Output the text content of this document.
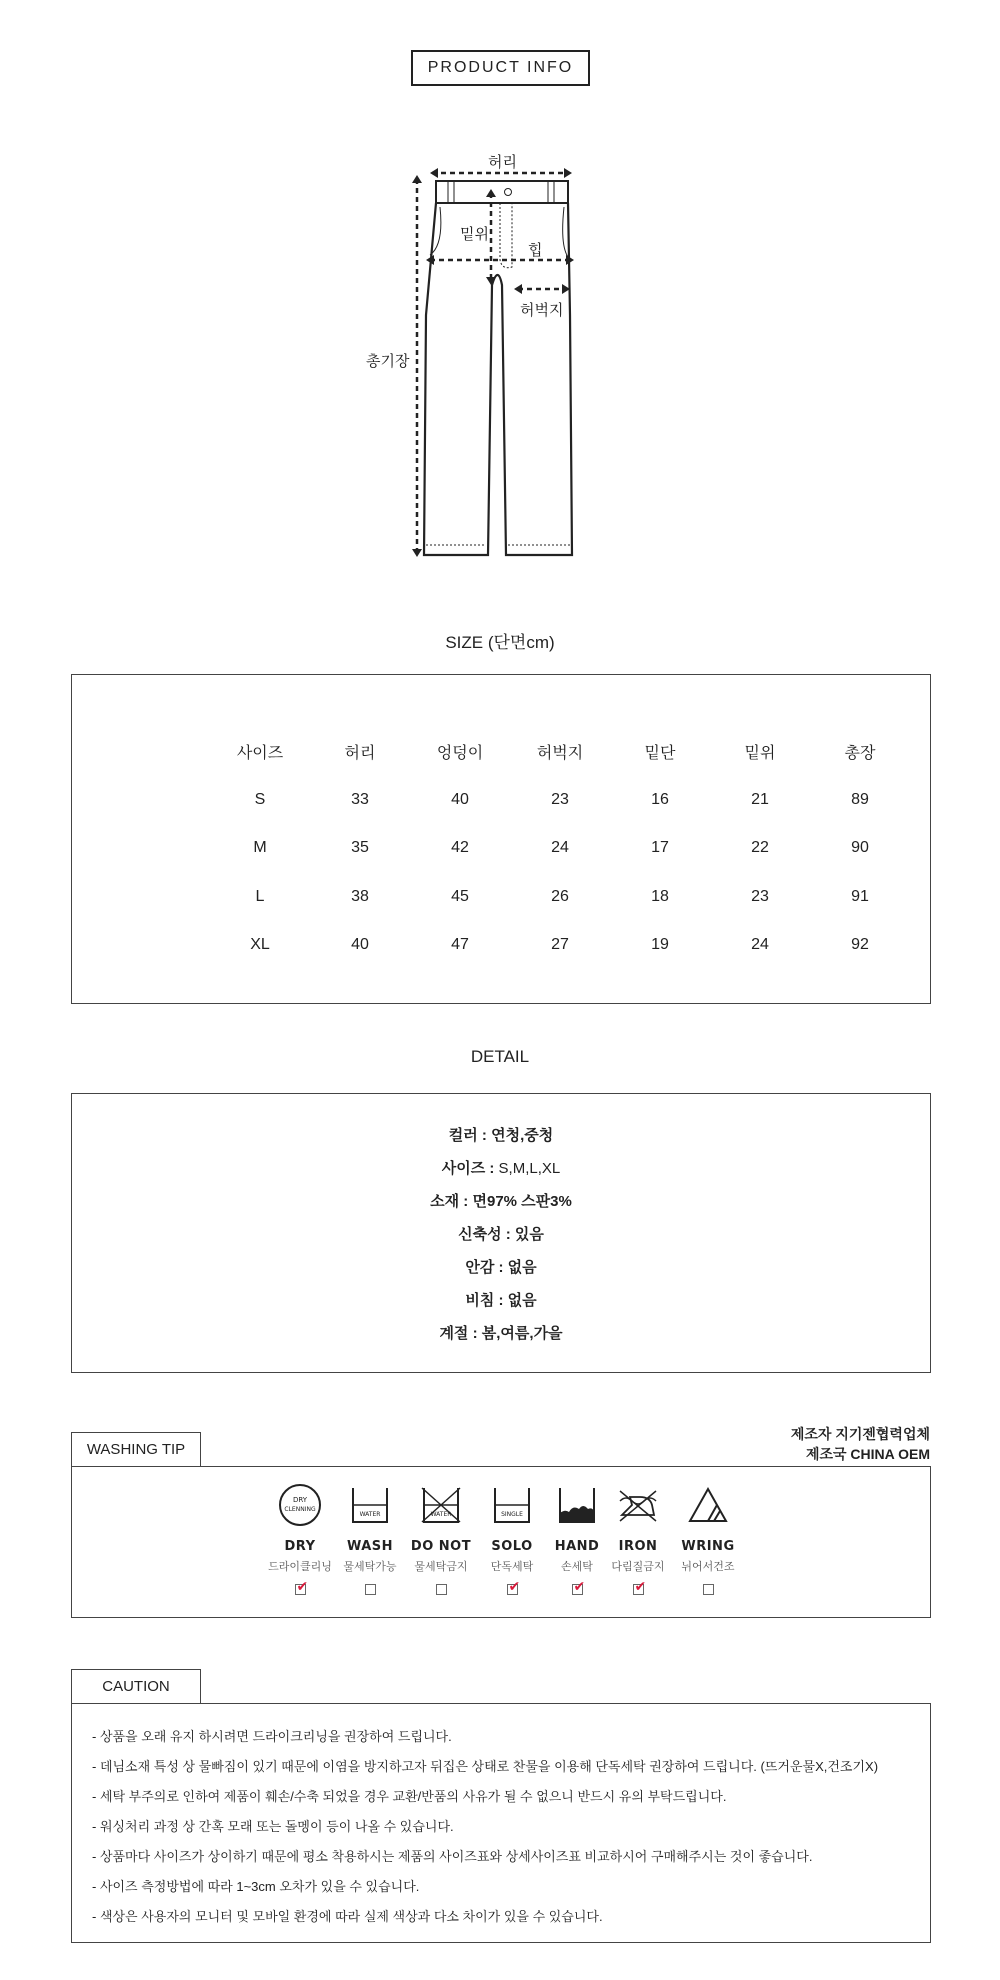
PRODUCT INFO
허리
밑위
힙
허벅지
총기장
SIZE (단면cm)
사이즈	허리	엉덩이	허벅지	밑단	밑위	총장
S	33	40	23	16	21	89
M	35	42	24	17	22	90
L	38	45	26	18	23	91
XL	40	47	27	19	24	92
DETAIL
컬러 : 연청,중청
사이즈 : S,M,L,XL
소재 : 면97% 스판3%
신축성 : 있음
안감 : 없음
비침 : 없음
계절 : 봄,여름,가을
제조자 지기젠협력업체
제조국 CHINA OEM
WASHING TIP
DRY
CLENNING
DRY
드라이클리닝
✔
WATER
WASH
물세탁가능
WATER
DO NOT
물세탁금지
SINGLE
SOLO
단독세탁
✔
HAND
손세탁
✔
IRON
다림질금지
✔
WRING
뉘어서건조
CAUTION
- 상품을 오래 유지 하시려면 드라이크리닝을 권장하여 드립니다.
- 데님소재 특성 상 물빠짐이 있기 때문에 이염을 방지하고자 뒤집은 상태로 찬물을 이용해 단독세탁 권장하여 드립니다. (뜨거운물X,건조기X)
- 세탁 부주의로 인하여 제품이 훼손/수축 되었을 경우 교환/반품의 사유가 될 수 없으니 반드시 유의 부탁드립니다.
- 워싱처리 과정 상 간혹 모래 또는 돌멩이 등이 나올 수 있습니다.
- 상품마다 사이즈가 상이하기 때문에 평소 착용하시는 제품의 사이즈표와 상세사이즈표 비교하시어 구매해주시는 것이 좋습니다.
- 사이즈 측정방법에 따라 1~3cm 오차가 있을 수 있습니다.
- 색상은 사용자의 모니터 및 모바일 환경에 따라 실제 색상과 다소 차이가 있을 수 있습니다.
